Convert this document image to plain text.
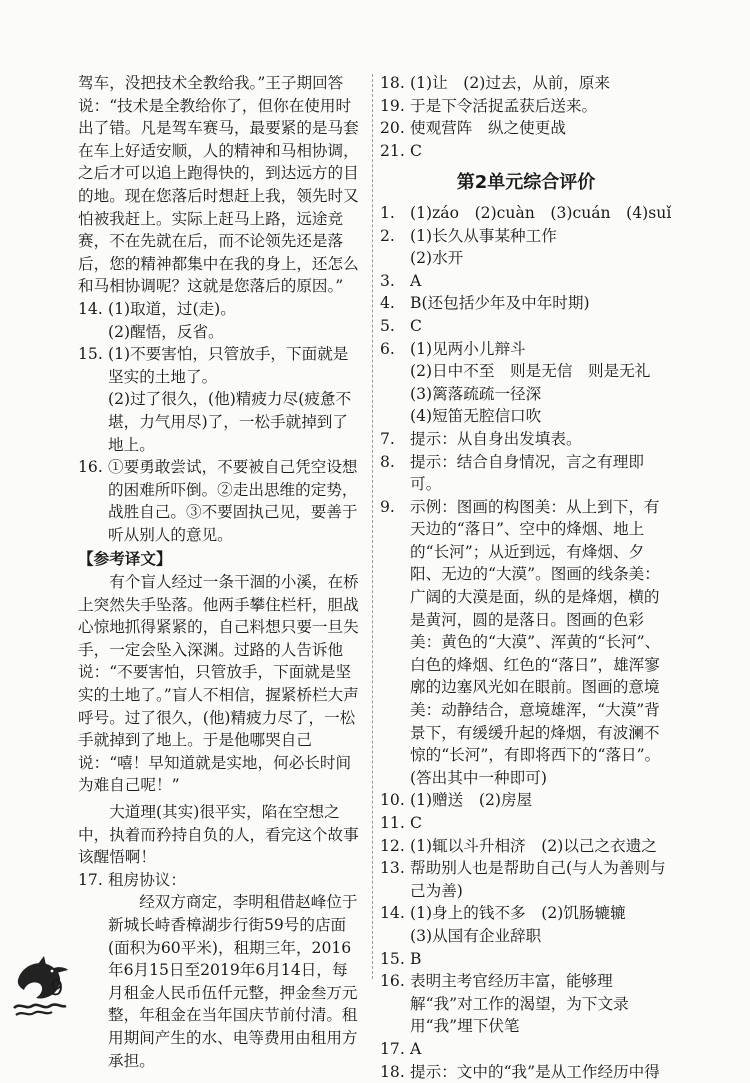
驾车，没把技术全教给我。”王子期回答说：“技术是全教给你了，但你在使用时出了错。凡是驾车赛马，最要紧的是马套在车上好适安顺，人的精神和马相协调，之后才可以追上跑得快的，到达远方的目的地。现在您落后时想赶上我，领先时又怕被我赶上。实际上赶马上路，远途竞赛，不在先就在后，而不论领先还是落后，您的精神都集中在我的身上，还怎么和马相协调呢？这就是您落后的原因。”

14. (1)取道，过(走)。

(2)醒悟，反省。

15. (1)不要害怕，只管放手，下面就是坚实的土地了。

(2)过了很久，(他)精疲力尽(疲惫不堪，力气用尽)了，一松手就掉到了地上。

16. ①要勇敢尝试，不要被自己凭空设想的困难所吓倒。②走出思维的定势，战胜自己。③不要固执己见，要善于听从别人的意见。

【参考译文】

有个盲人经过一条干涸的小溪，在桥上突然失手坠落。他两手攀住栏杆，胆战心惊地抓得紧紧的，自己料想只要一旦失手，一定会坠入深渊。过路的人告诉他说：“不要害怕，只管放手，下面就是坚实的土地了。”盲人不相信，握紧桥栏大声呼号。过了很久，(他)精疲力尽了，一松手就掉到了地上。于是他哪哭自己说：“嘻！早知道就是实地，何必长时间为难自己呢！”

大道理(其实)很平实，陷在空想之中，执着而矜持自负的人，看完这个故事该醒悟啊！

17. 租房协议：

经双方商定，李明租借赵峰位于新城长峙香樟湖步行街59号的店面(面积为60平米)，租期三年，2016年6月15日至2019年6月14日，每月租金人民币伍仟元整，押金叁万元整，年租金在当年国庆节前付清。租用期间产生的水、电等费用由租用方承担。

18. (1)让　(2)过去，从前，原来
19. 于是下令活捉孟获后送来。
20. 使观营阵　纵之使更战
21. C
第2单元综合评价
1. (1)záo　(2)cuàn　(3)cuán　(4)suǐ

2. (1)长久从事某种工作

(2)水开

3. A

4. B(还包括少年及中年时期)

5. C

6. (1)见两小儿辩斗

(2)日中不至　则是无信　则是无礼

(3)篱落疏疏一径深

(4)短笛无腔信口吹

7. 提示：从自身出发填表。

8. 提示：结合自身情况，言之有理即可。

9. 示例：图画的构图美：从上到下，有天边的“落日”、空中的烽烟、地上的“长河”；从近到远，有烽烟、夕阳、无边的“大漠”。图画的线条美：广阔的大漠是面，纵的是烽烟，横的是黄河，圆的是落日。图画的色彩美：黄色的“大漠”、浑黄的“长河”、白色的烽烟、红色的“落日”，雄浑寥廓的边塞风光如在眼前。图画的意境美：动静结合，意境雄浑，“大漠”背景下，有缓缓升起的烽烟，有波澜不惊的“长河”，有即将西下的“落日”。(答出其中一种即可)

10. (1)赠送　(2)房屋

11. C

12. (1)辄以斗升相济　(2)以己之衣遗之

13. 帮助别人也是帮助自己(与人为善则与己为善)

14. (1)身上的钱不多　(2)饥肠辘辘

(3)从国有企业辞职

15. B

16. 表明主考官经历丰富，能够理解“我”对工作的渴望，为下文录用“我”埋下伏笔

17. A

18. 提示：文中的“我”是从工作经历中得

9
